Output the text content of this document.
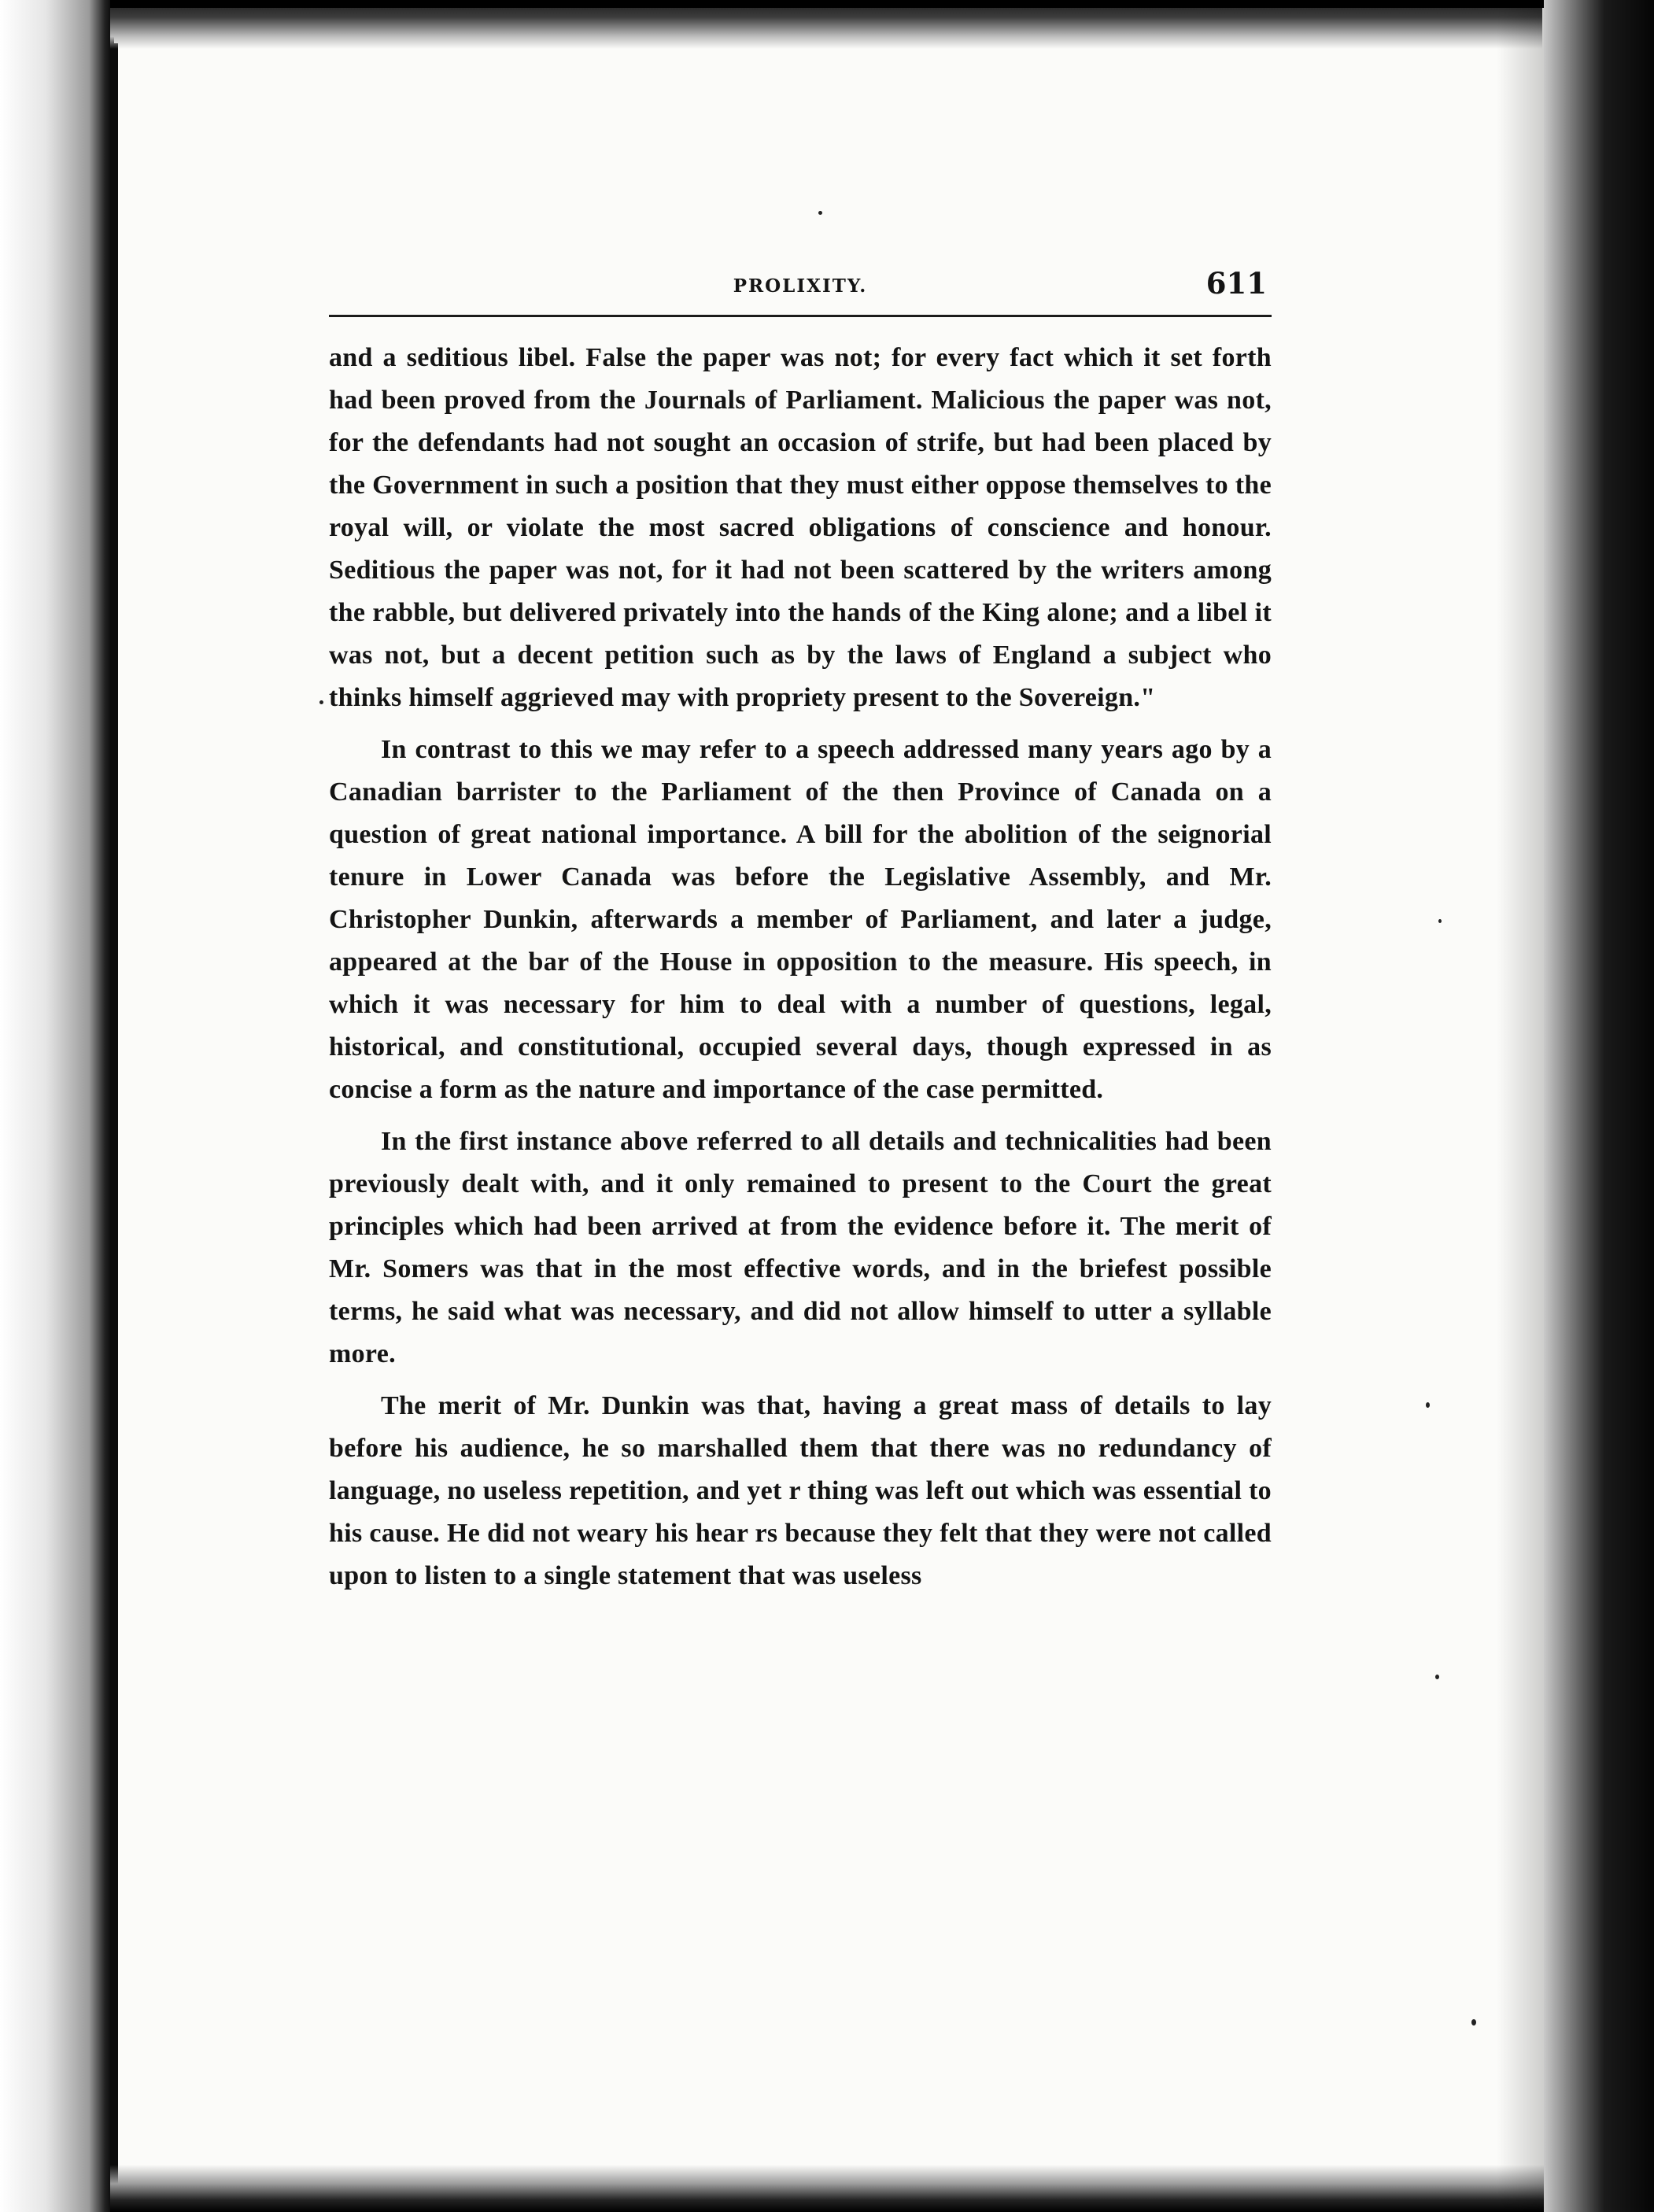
PROLIXITY.	611

and a seditious libel. False the paper was not; for every fact which it set forth had been proved from the Journals of Parliament. Malicious the paper was not, for the defendants had not sought an occasion of strife, but had been placed by the Government in such a position that they must either oppose themselves to the royal will, or violate the most sacred obligations of conscience and honour. Seditious the paper was not, for it had not been scattered by the writers among the rabble, but delivered privately into the hands of the King alone; and a libel it was not, but a decent petition such as by the laws of England a subject who thinks himself aggrieved may with propriety present to the Sovereign."

In contrast to this we may refer to a speech addressed many years ago by a Canadian barrister to the Parliament of the then Province of Canada on a question of great national importance. A bill for the abolition of the seignorial tenure in Lower Canada was before the Legislative Assembly, and Mr. Christopher Dunkin, afterwards a member of Parliament, and later a judge, appeared at the bar of the House in opposition to the measure. His speech, in which it was necessary for him to deal with a number of questions, legal, historical, and constitutional, occupied several days, though expressed in as concise a form as the nature and importance of the case permitted.

In the first instance above referred to all details and technicalities had been previously dealt with, and it only remained to present to the Court the great principles which had been arrived at from the evidence before it. The merit of Mr. Somers was that in the most effective words, and in the briefest possible terms, he said what was necessary, and did not allow himself to utter a syllable more.

The merit of Mr. Dunkin was that, having a great mass of details to lay before his audience, he so marshalled them that there was no redundancy of language, no useless repetition, and yet r thing was left out which was essential to his cause. He did not weary his hear rs because they felt that they were not called upon to listen to a single statement that was useless
